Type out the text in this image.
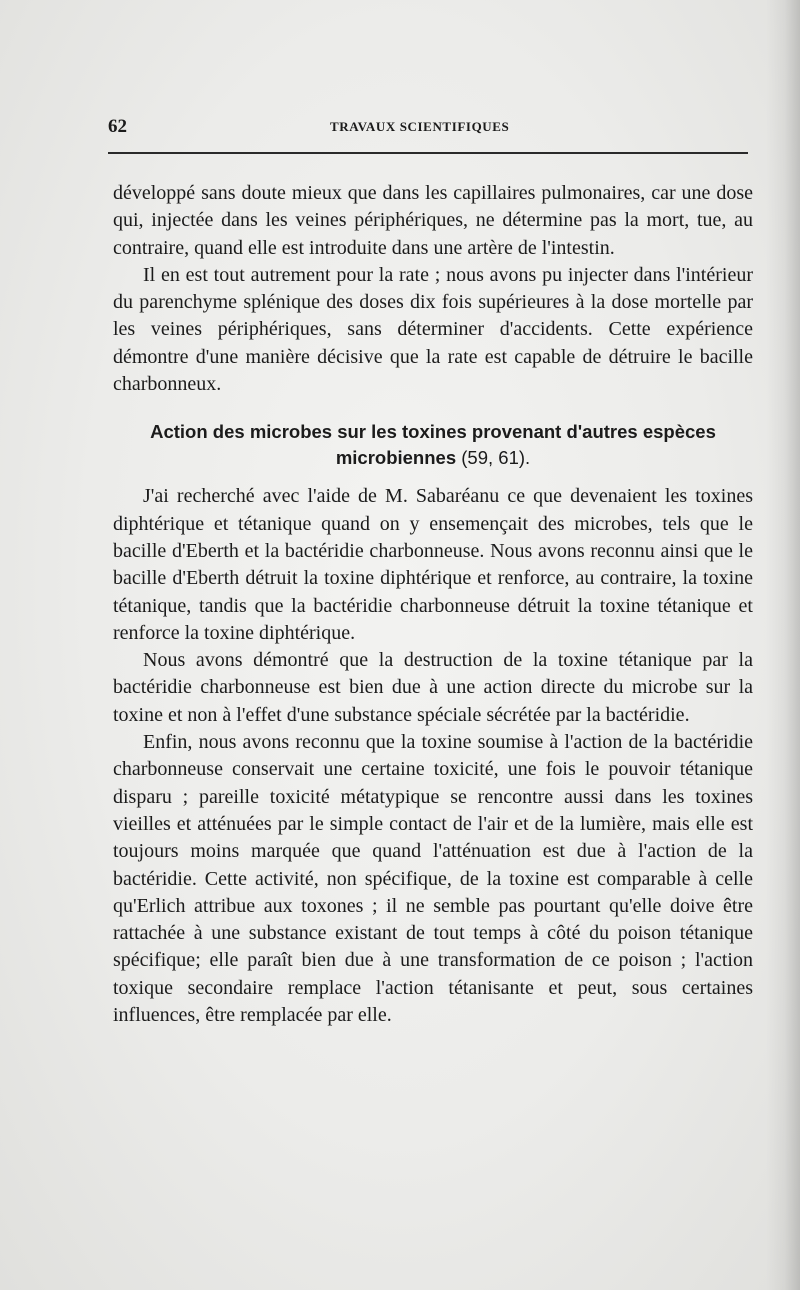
62	TRAVAUX SCIENTIFIQUES

développé sans doute mieux que dans les capillaires pulmonaires, car une dose qui, injectée dans les veines périphériques, ne détermine pas la mort, tue, au contraire, quand elle est introduite dans une artère de l'intestin.

Il en est tout autrement pour la rate ; nous avons pu injecter dans l'intérieur du parenchyme splénique des doses dix fois supérieures à la dose mortelle par les veines périphériques, sans déterminer d'accidents. Cette expérience démontre d'une manière décisive que la rate est capable de détruire le bacille charbonneux.

Action des microbes sur les toxines provenant d'autres espèces
microbiennes (59, 61).

J'ai recherché avec l'aide de M. Sabaréanu ce que devenaient les toxines diphtérique et tétanique quand on y ensemençait des microbes, tels que le bacille d'Eberth et la bactéridie charbonneuse. Nous avons reconnu ainsi que le bacille d'Eberth détruit la toxine diphtérique et renforce, au contraire, la toxine tétanique, tandis que la bactéridie charbonneuse détruit la toxine tétanique et renforce la toxine diphtérique.

Nous avons démontré que la destruction de la toxine tétanique par la bactéridie charbonneuse est bien due à une action directe du microbe sur la toxine et non à l'effet d'une substance spéciale sécrétée par la bactéridie.

Enfin, nous avons reconnu que la toxine soumise à l'action de la bactéridie charbonneuse conservait une certaine toxicité, une fois le pouvoir tétanique disparu ; pareille toxicité métatypique se rencontre aussi dans les toxines vieilles et atténuées par le simple contact de l'air et de la lumière, mais elle est toujours moins marquée que quand l'atténuation est due à l'action de la bactéridie. Cette activité, non spécifique, de la toxine est comparable à celle qu'Erlich attribue aux toxones ; il ne semble pas pourtant qu'elle doive être rattachée à une substance existant de tout temps à côté du poison tétanique spécifique; elle paraît bien due à une transformation de ce poison ; l'action toxique secondaire remplace l'action tétanisante et peut, sous certaines influences, être remplacée par elle.
